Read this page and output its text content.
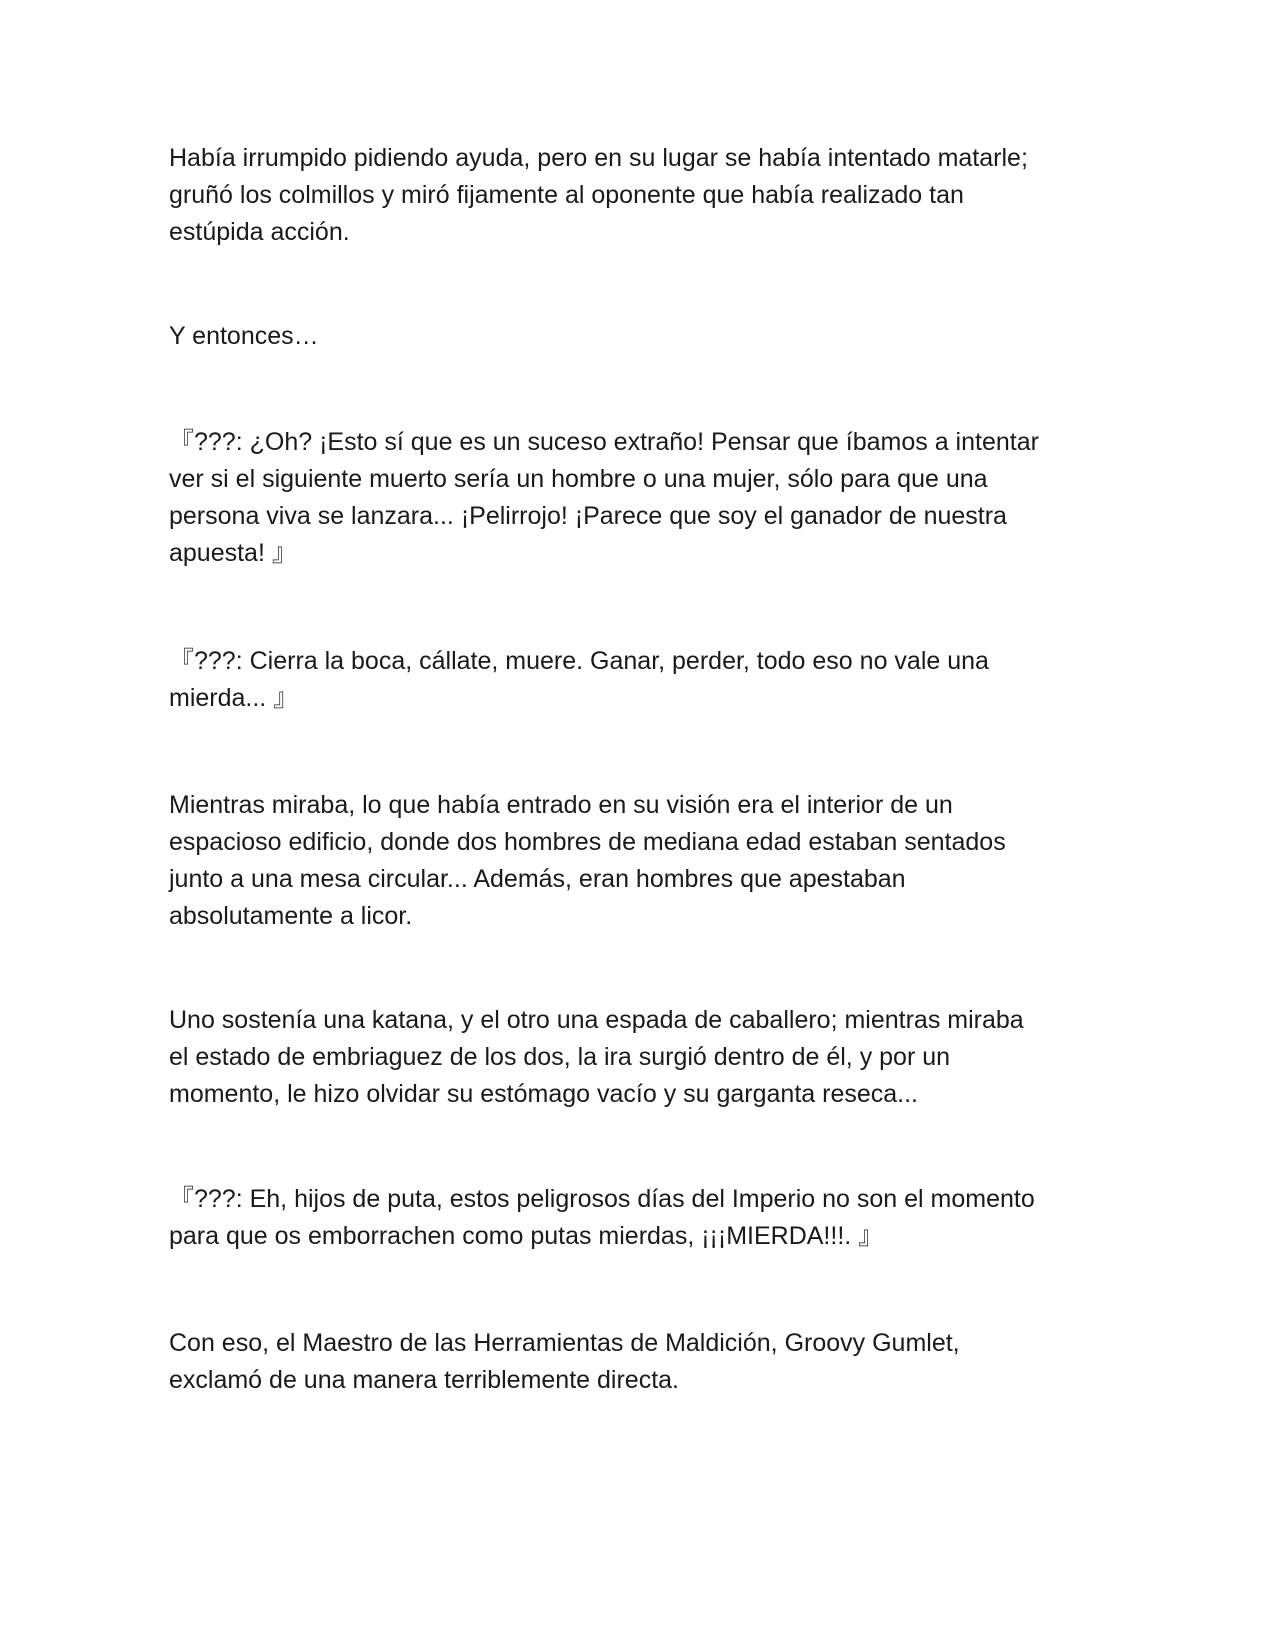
Había irrumpido pidiendo ayuda, pero en su lugar se había intentado matarle;
gruñó los colmillos y miró fijamente al oponente que había realizado tan
estúpida acción.

Y entonces…

『???: ¿Oh? ¡Esto sí que es un suceso extraño! Pensar que íbamos a intentar
ver si el siguiente muerto sería un hombre o una mujer, sólo para que una
persona viva se lanzara... ¡Pelirrojo! ¡Parece que soy el ganador de nuestra
apuesta! 』

『???: Cierra la boca, cállate, muere. Ganar, perder, todo eso no vale una
mierda... 』

Mientras miraba, lo que había entrado en su visión era el interior de un
espacioso edificio, donde dos hombres de mediana edad estaban sentados
junto a una mesa circular... Además, eran hombres que apestaban
absolutamente a licor.

Uno sostenía una katana, y el otro una espada de caballero; mientras miraba
el estado de embriaguez de los dos, la ira surgió dentro de él, y por un
momento, le hizo olvidar su estómago vacío y su garganta reseca...

『???: Eh, hijos de puta, estos peligrosos días del Imperio no son el momento
para que os emborrachen como putas mierdas, ¡¡¡MIERDA!!!. 』

Con eso, el Maestro de las Herramientas de Maldición, Groovy Gumlet,
exclamó de una manera terriblemente directa.
